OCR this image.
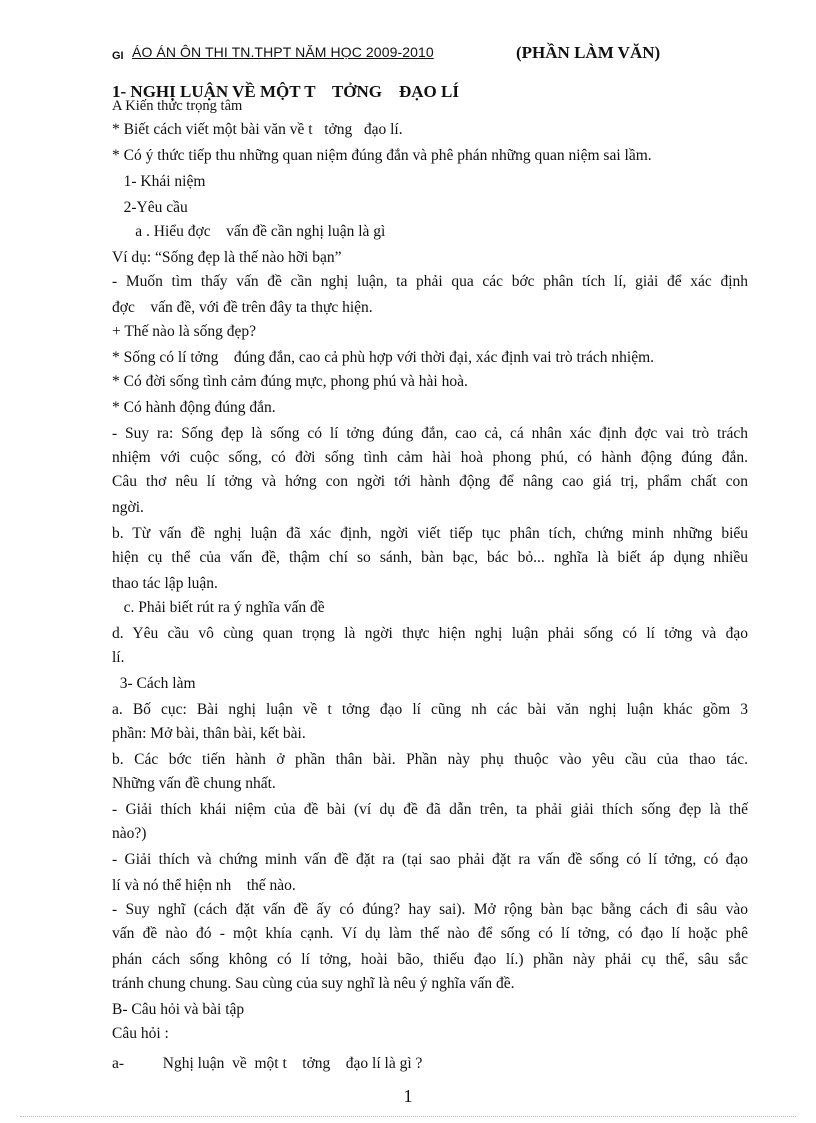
GI ÁO ÁN ÔN THI TN.THPT NĂM HỌC 2009-2010	(PHẦN LÀM VĂN)
1- NGHỊ LUẬN VỀ MỘT T    TỞNG    ĐẠO LÍ
A Kiến thức trọng tâm
* Biết cách viết một bài văn về t   tởng   đạo lí.
* Có ý thức tiếp thu những quan niệm đúng đắn và phê phán những quan niệm sai lầm.
1- Khái niệm
2-Yêu cầu
a . Hiểu đợc    vấn đề cần nghị luận là gì
Ví dụ: “Sống đẹp là thế nào hỡi bạn”
- Muốn tìm thấy vấn đề cần nghị luận, ta phải qua các bớc phân tích lí, giải để xác định
đợc    vấn đề, với đề trên đây ta thực hiện.
+ Thế nào là sống đẹp?
* Sống có lí tởng    đúng đắn, cao cả phù hợp với thời đại, xác định vai trò trách nhiệm.
* Có đời sống tình cảm đúng mực, phong phú và hài hoà.
* Có hành động đúng đắn.
- Suy ra: Sống đẹp là sống có lí tởng đúng đắn, cao cả, cá nhân xác định đợc vai trò trách
nhiệm với cuộc sống, có đời sống tình cảm hài hoà phong phú, có hành động đúng đắn.
Câu thơ nêu lí tởng và hớng con ngời tới hành động để nâng cao giá trị, phẩm chất con
ngời.
b. Từ vấn đề nghị luận đã xác định, ngời viết tiếp tục phân tích, chứng minh những biểu
hiện cụ thể của vấn đề, thậm chí so sánh, bàn bạc, bác bỏ... nghĩa là biết áp dụng nhiều
thao tác lập luận.
c. Phải biết rút ra ý nghĩa vấn đề
d. Yêu cầu vô cùng quan trọng là ngời thực hiện nghị luận phải sống có lí tởng và đạo
lí.
3- Cách làm
a. Bố cục: Bài nghị luận về t tởng đạo lí cũng nh các bài văn nghị luận khác gồm 3
phần: Mở bài, thân bài, kết bài.
b. Các bớc tiến hành ở phần thân bài. Phần này phụ thuộc vào yêu cầu của thao tác.
Những vấn đề chung nhất.
- Giải thích khái niệm của đề bài (ví dụ đề đã dẫn trên, ta phải giải thích sống đẹp là thế
nào?)
- Giải thích và chứng minh vấn đề đặt ra (tại sao phải đặt ra vấn đề sống có lí tởng, có đạo
lí và nó thể hiện nh    thế nào.
- Suy nghĩ (cách đặt vấn đề ấy có đúng? hay sai). Mở rộng bàn bạc bằng cách đi sâu vào
vấn đề nào đó - một khía cạnh. Ví dụ làm thế nào để sống có lí tởng, có đạo lí hoặc phê
phán cách sống không có lí tởng, hoài bão, thiếu đạo lí.) phần này phải cụ thể, sâu sắc
tránh chung chung. Sau cùng của suy nghĩ là nêu ý nghĩa vấn đề.
B- Câu hỏi và bài tập
Câu hỏi :
a-          Nghị luận  về  một t    tởng    đạo lí là gì ?
1
